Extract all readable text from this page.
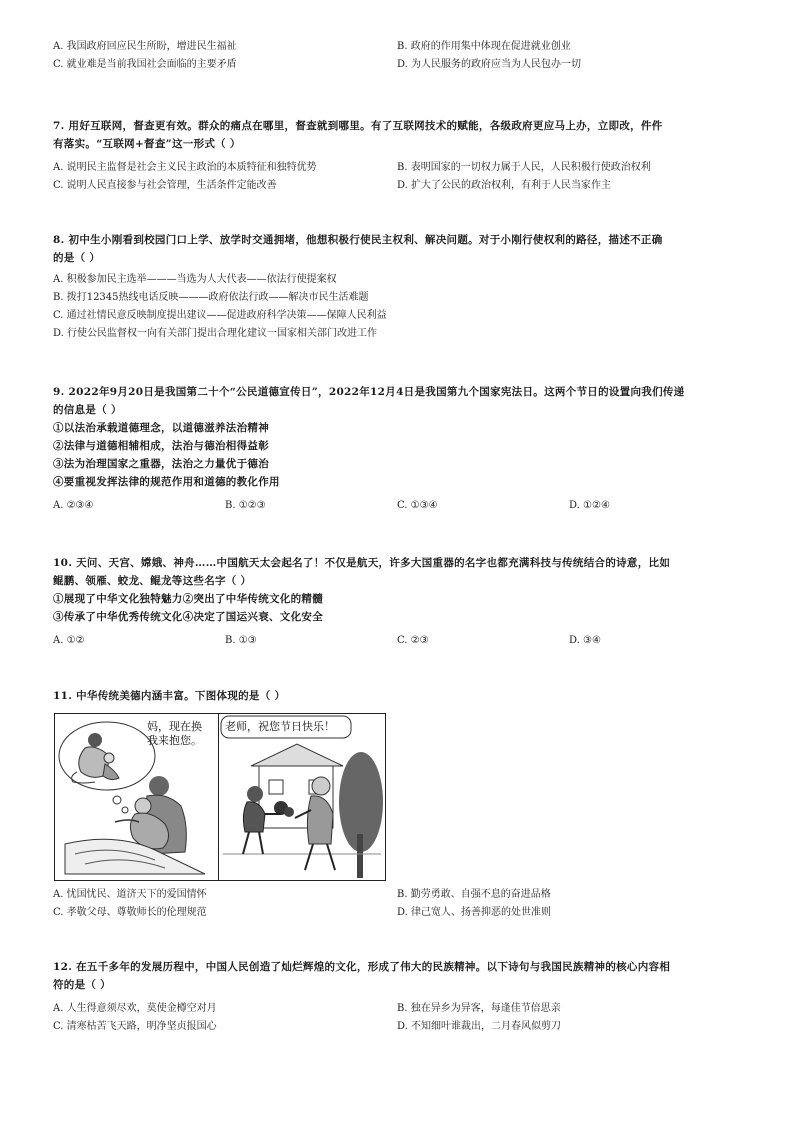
A. 我国政府回应民生所盼，增进民生福祉	B. 政府的作用集中体现在促进就业创业
C. 就业难是当前我国社会面临的主要矛盾	D. 为人民服务的政府应当为人民包办一切
7. 用好互联网，督查更有效。群众的痛点在哪里，督查就到哪里。有了互联网技术的赋能，各级政府更应马上办，立即改，件件
有落实。“互联网+督查”这一形式（ ）
A. 说明民主监督是社会主义民主政治的本质特征和独特优势	B. 表明国家的一切权力属于人民，人民积极行使政治权利
C. 说明人民直接参与社会管理，生活条件定能改善	D. 扩大了公民的政治权利，有利于人民当家作主
8. 初中生小刚看到校园门口上学、放学时交通拥堵，他想积极行使民主权利、解决问题。对于小刚行使权利的路径，描述不正确
的是（ ）
A. 积极参加民主选举———当选为人大代表——依法行使提案权
B. 拨打12345热线电话反映———政府依法行政——解决市民生活难题
C. 通过社情民意反映制度提出建议——促进政府科学决策——保障人民利益
D. 行使公民监督权一向有关部门提出合理化建议一国家相关部门改进工作
9. 2022年9月20日是我国第二十个“公民道德宣传日”，2022年12月4日是我国第九个国家宪法日。这两个节日的设置向我们传递
的信息是（ ）
①以法治承载道德理念，以道德滋养法治精神
②法律与道德相辅相成，法治与德治相得益彰
③法为治理国家之重器，法治之力量优于德治
④要重视发挥法律的规范作用和道德的教化作用
A. ②③④	B. ①②③	C. ①③④	D. ①②④
10. 天问、天宫、嫦娥、神舟……中国航天太会起名了！不仅是航天，许多大国重器的名字也都充满科技与传统结合的诗意，比如
鲲鹏、领雁、蛟龙、鲲龙等这些名字（ ）
①展现了中华文化独特魅力②突出了中华传统文化的精髓
③传承了中华优秀传统文化④决定了国运兴衰、文化安全
A. ①②	B. ①③	C. ②③	D. ③④
11. 中华传统美德内涵丰富。下图体现的是（ ）
妈，现在换
我来抱您。
老师，祝您节日快乐！
A. 忧国忧民、道济天下的爱国情怀	B. 勤劳勇敢、自强不息的奋进品格
C. 孝敬父母、尊敬师长的伦理规范	D. 律己宽人、扬善抑恶的处世准则
12. 在五千多年的发展历程中，中国人民创造了灿烂辉煌的文化，形成了伟大的民族精神。以下诗句与我国民族精神的核心内容相
符的是（ ）
A. 人生得意须尽欢，莫使金樽空对月	B. 独在异乡为异客，每逢佳节倍思亲
C. 清寒枯苦飞天路，明净坚贞报国心	D. 不知细叶谁裁出，二月春风似剪刀
